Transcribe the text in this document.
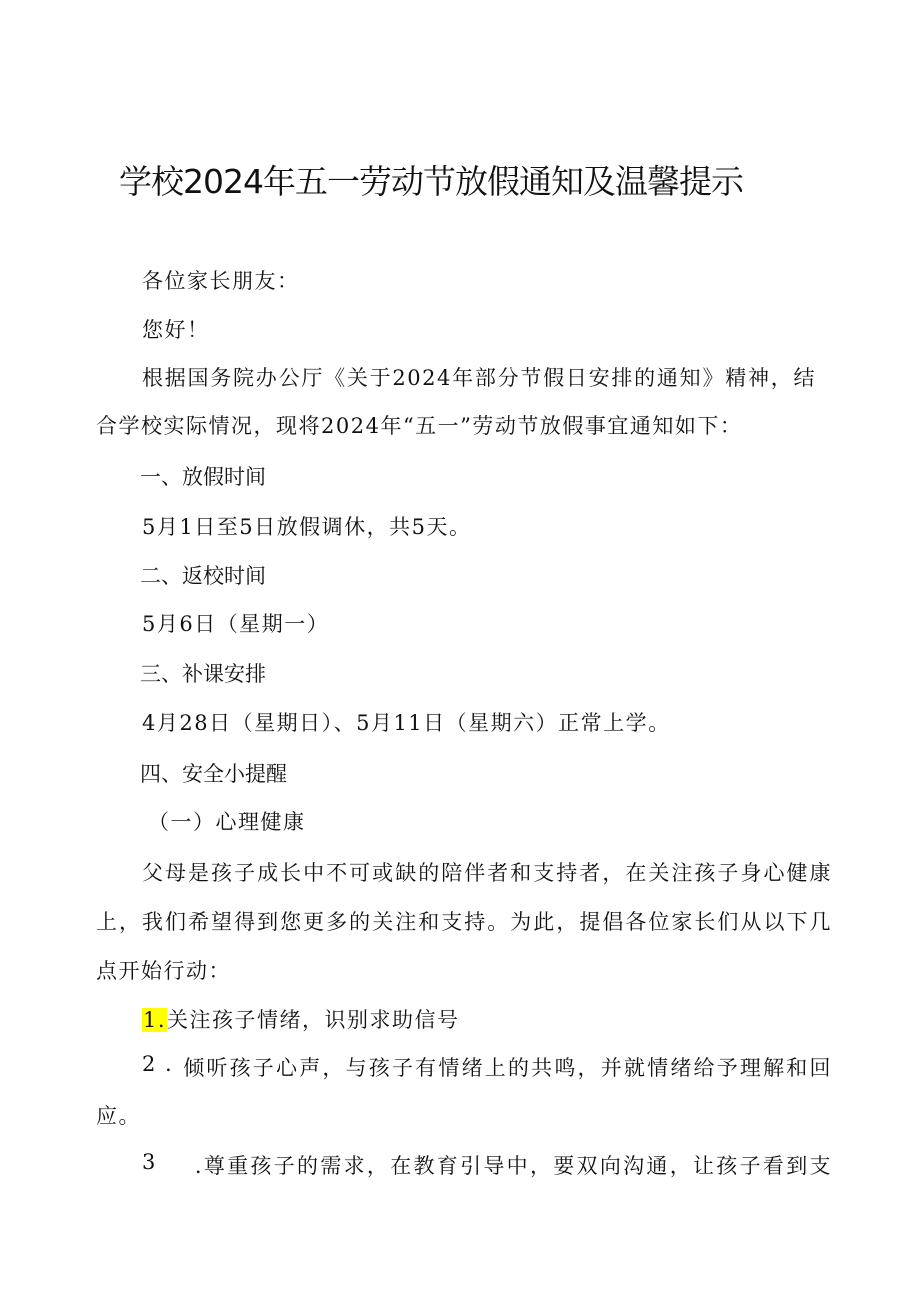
学校2024年五一劳动节放假通知及温馨提示
各位家长朋友：
您好！
根据国务院办公厅《关于2024年部分节假日安排的通知》精神，结
合学校实际情况，现将2024年“五一”劳动节放假事宜通知如下：
一、放假时间
5月1日至5日放假调休，共5天。
二、返校时间
5月6日（星期一）
三、补课安排
4月28日（星期日）、5月11日（星期六）正常上学。
四、安全小提醒
（一）心理健康
父母是孩子成长中不可或缺的陪伴者和支持者，在关注孩子身心健康
上，我们希望得到您更多的关注和支持。为此，提倡各位家长们从以下几
点开始行动：
1.关注孩子情绪，识别求助信号
2 . 倾听孩子心声，与孩子有情绪上的共鸣，并就情绪给予理解和回
应。
3 .尊重孩子的需求，在教育引导中，要双向沟通，让孩子看到支
